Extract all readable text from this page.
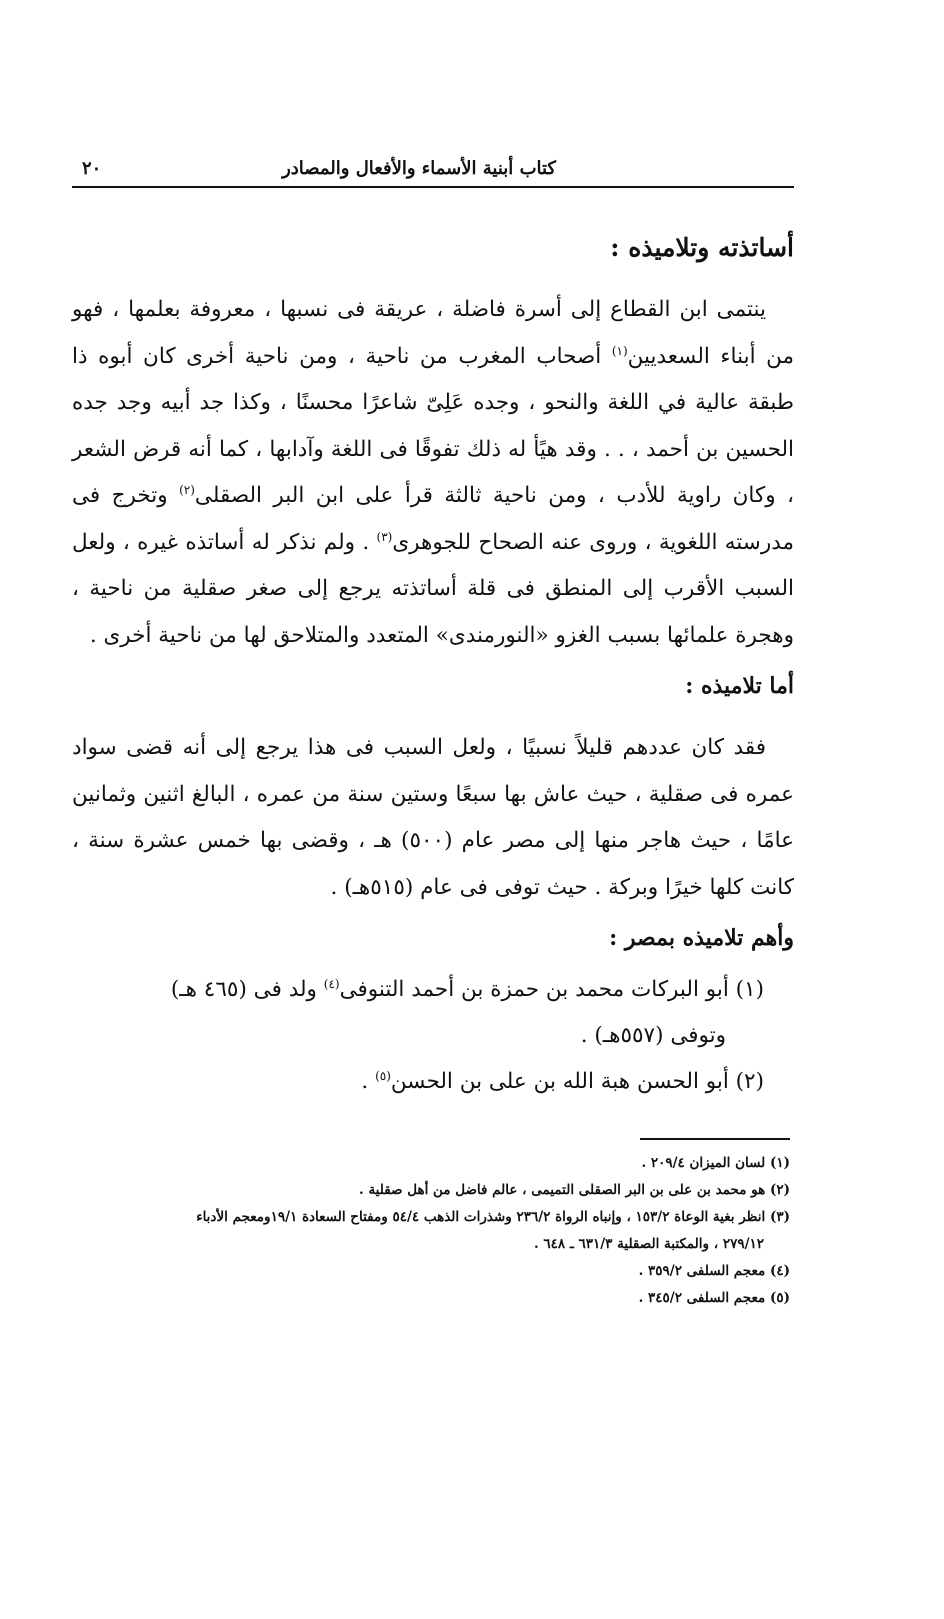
٢٠	كتاب أبنية الأسماء والأفعال والمصادر
أساتذته وتلاميذه :

ينتمى ابن القطاع إلى أسرة فاضلة ، عريقة فى نسبها ، معروفة بعلمها ، فهو من أبناء السعديين$^{(١)}$ أصحاب المغرب من ناحية ، ومن ناحية أخرى كان أبوه ذا طبقة عالية في اللغة والنحو ، وجده عَلِىّ شاعرًا محسنًا ، وكذا جد أبيه وجد جده الحسين بن أحمد ، . . وقد هيًأ له ذلك تفوقًا فى اللغة وآدابها ، كما أنه قرض الشعر ، وكان راوية للأدب ، ومن ناحية ثالثة قرأ على ابن البر الصقلى$^{(٢)}$ وتخرج فى مدرسته اللغوية ، وروى عنه الصحاح للجوهرى$^{(٣)}$ . ولم نذكر له أساتذه غيره ، ولعل السبب الأقرب إلى المنطق فى قلة أساتذته يرجع إلى صغر صقلية من ناحية ، وهجرة علمائها بسبب الغزو «النورمندى» المتعدد والمتلاحق لها من ناحية أخرى .

أما تلاميذه :

فقد كان عددهم قليلاً نسبيًا ، ولعل السبب فى هذا يرجع إلى أنه قضى سواد عمره فى صقلية ، حيث عاش بها سبعًا وستين سنة من عمره ، البالغ اثنين وثمانين عامًا ، حيث هاجر منها إلى مصر عام (٥٠٠) هـ ، وقضى بها خمس عشرة سنة ، كانت كلها خيرًا وبركة . حيث توفى فى عام (٥١٥هـ) .

وأهم تلاميذه بمصر :
(١) أبو البركات محمد بن حمزة بن أحمد التنوفى$^{(٤)}$ ولد فى (٤٦٥ هـ)
وتوفى (٥٥٧هـ) .
(٢) أبو الحسن هبة الله بن على بن الحسن$^{(٥)}$ .
(١) لسان الميزان ٢٠٩/٤ .
(٢) هو محمد بن على بن البر الصقلى التميمى ، عالم فاضل من أهل صقلية .
(٣) انظر بغية الوعاة ١٥٣/٢ ، وإنباه الرواة ٢٣٦/٢ وشذرات الذهب ٥٤/٤ ومفتاح السعادة ١٩/١ومعجم الأدباء
٢٧٩/١٢ ، والمكتبة الصقلية ٦٣١/٣ ـ ٦٤٨ .
(٤) معجم السلفى ٣٥٩/٢ .
(٥) معجم السلفى ٣٤٥/٢ .
